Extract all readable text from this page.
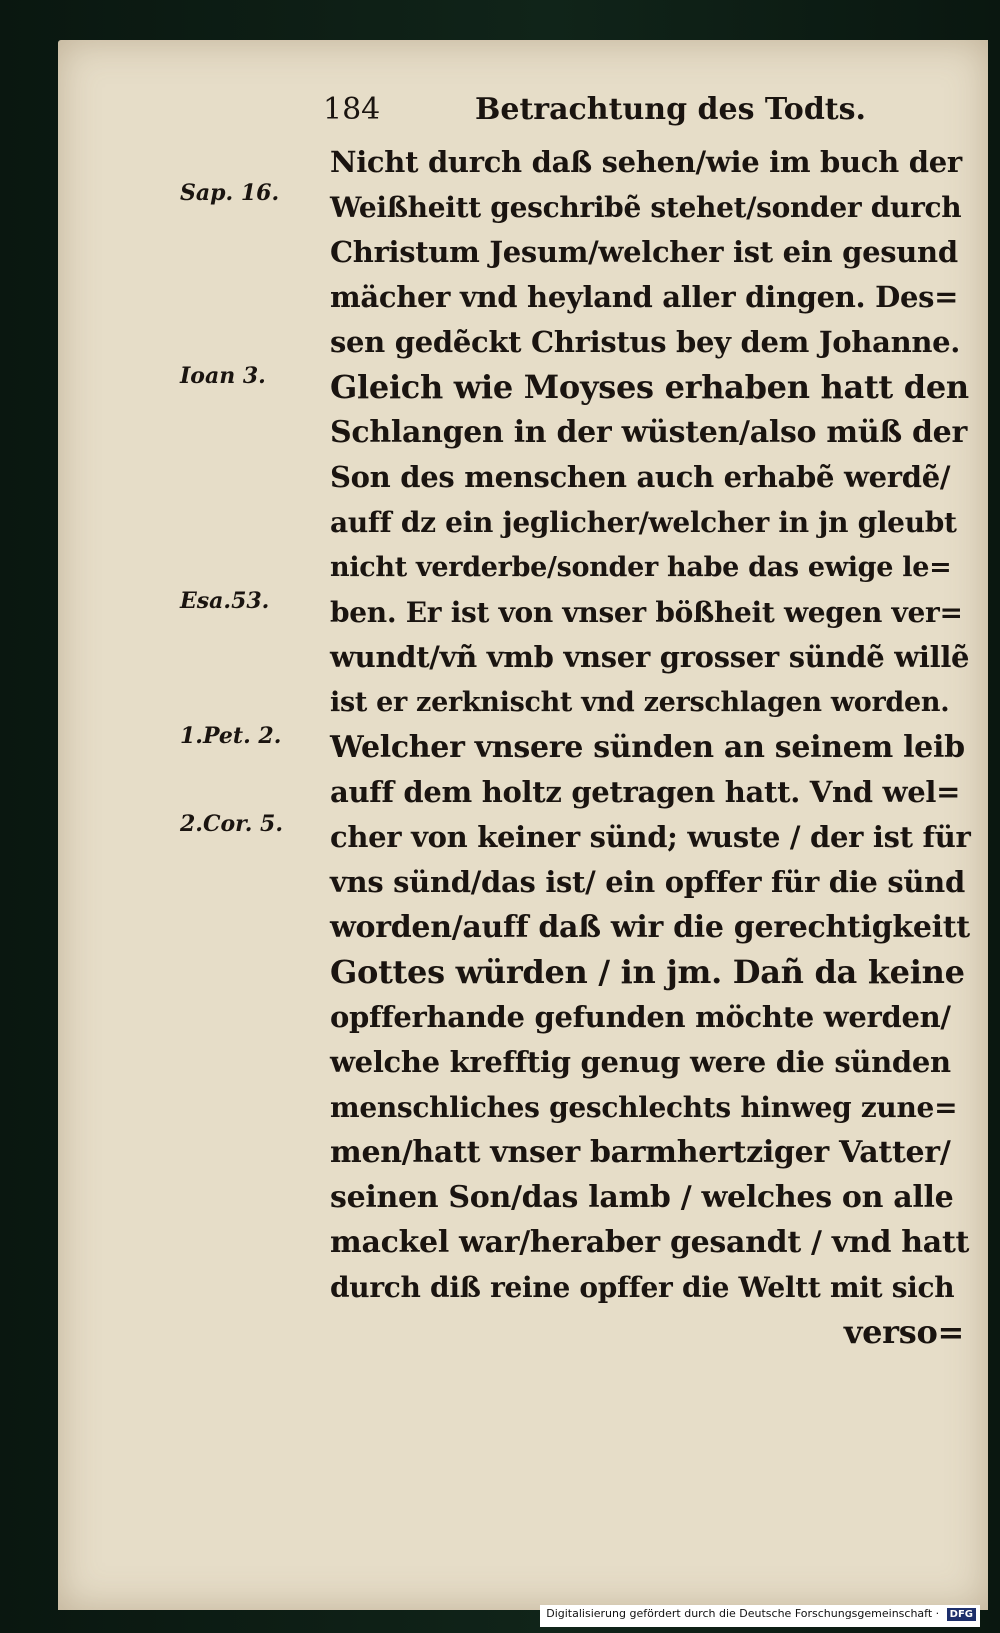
184	Betrachtung des Todts.
Sap. 16.
Ioan 3.
Esa.53.
1.Pet. 2.
2.Cor. 5.
Nicht durch daß sehen/wie im buch der
Weißheitt geschribẽ stehet/sonder durch
Christum Jesum/welcher ist ein gesund
mächer vnd heyland aller dingen. Des=
sen gedẽckt Christus bey dem Johanne.
Gleich wie Moyses erhaben hatt den
Schlangen in der wüsten/also müß der
Son des menschen auch erhabẽ werdẽ/
auff dz ein jeglicher/welcher in jn gleubt
nicht verderbe/sonder habe das ewige le=
ben. Er ist von vnser bößheit wegen ver=
wundt/vñ vmb vnser grosser sündẽ willẽ
ist er zerknischt vnd zerschlagen worden.
Welcher vnsere sünden an seinem leib
auff dem holtz getragen hatt. Vnd wel=
cher von keiner sünd; wuste / der ist für
vns sünd/das ist/ ein opffer für die sünd
worden/auff daß wir die gerechtigkeitt
Gottes würden / in jm. Dañ da keine
opfferhande gefunden möchte werden/
welche krefftig genug were die sünden
menschliches geschlechts hinweg zune=
men/hatt vnser barmhertziger Vatter/
seinen Son/das lamb / welches on alle
mackel war/heraber gesandt / vnd hatt
durch diß reine opffer die Weltt mit sich
verso=
Digitalisierung gefördert durch die Deutsche Forschungsgemeinschaft · DFG
